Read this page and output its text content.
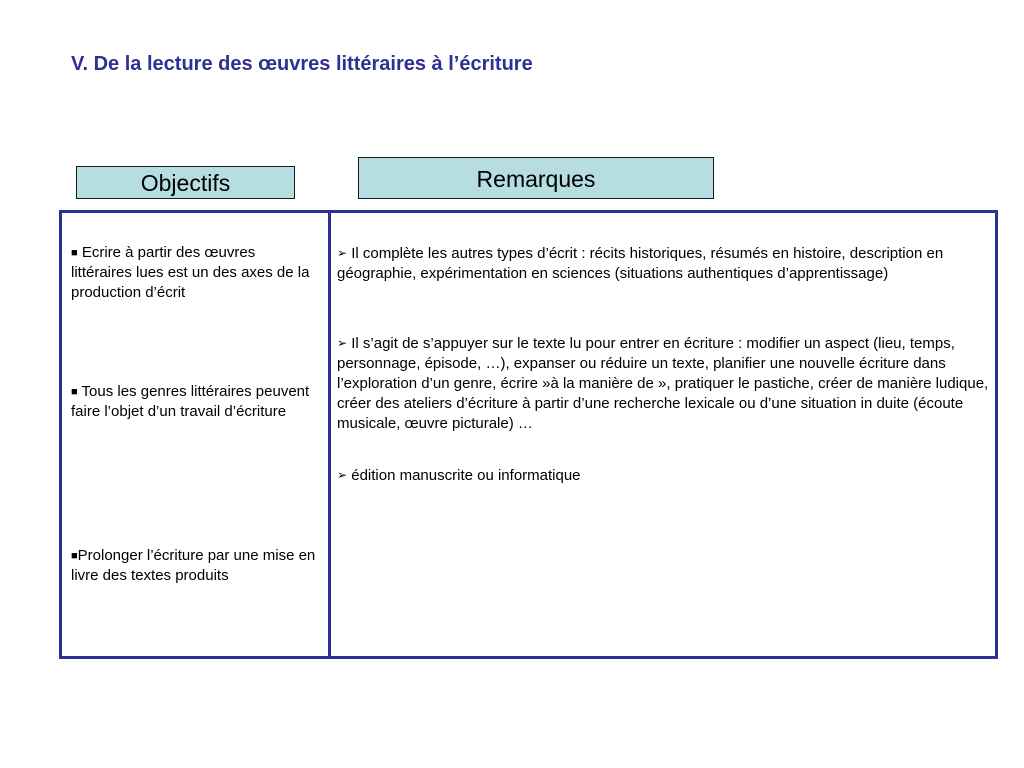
V. De la lecture des œuvres littéraires à l’écriture
Objectifs	Remarques
■ Ecrire à partir des œuvres littéraires lues est un des axes de la production d’écrit
■ Tous les genres littéraires peuvent faire l’objet d’un travail d’écriture
■Prolonger l’écriture par une mise en livre des textes produits
➢ Il complète les autres types d’écrit : récits historiques, résumés en histoire, description en géographie, expérimentation en sciences (situations authentiques d’apprentissage)
➢ Il s’agit de s’appuyer sur le texte lu pour entrer en écriture : modifier un aspect (lieu, temps, personnage, épisode, …), expanser ou réduire un texte, planifier une nouvelle écriture dans l’exploration d’un genre, écrire »à la manière de », pratiquer le pastiche, créer de manière ludique, créer des ateliers d’écriture à partir d’une recherche lexicale ou d’une situation in duite (écoute musicale, œuvre picturale) …
➢ édition manuscrite ou informatique
